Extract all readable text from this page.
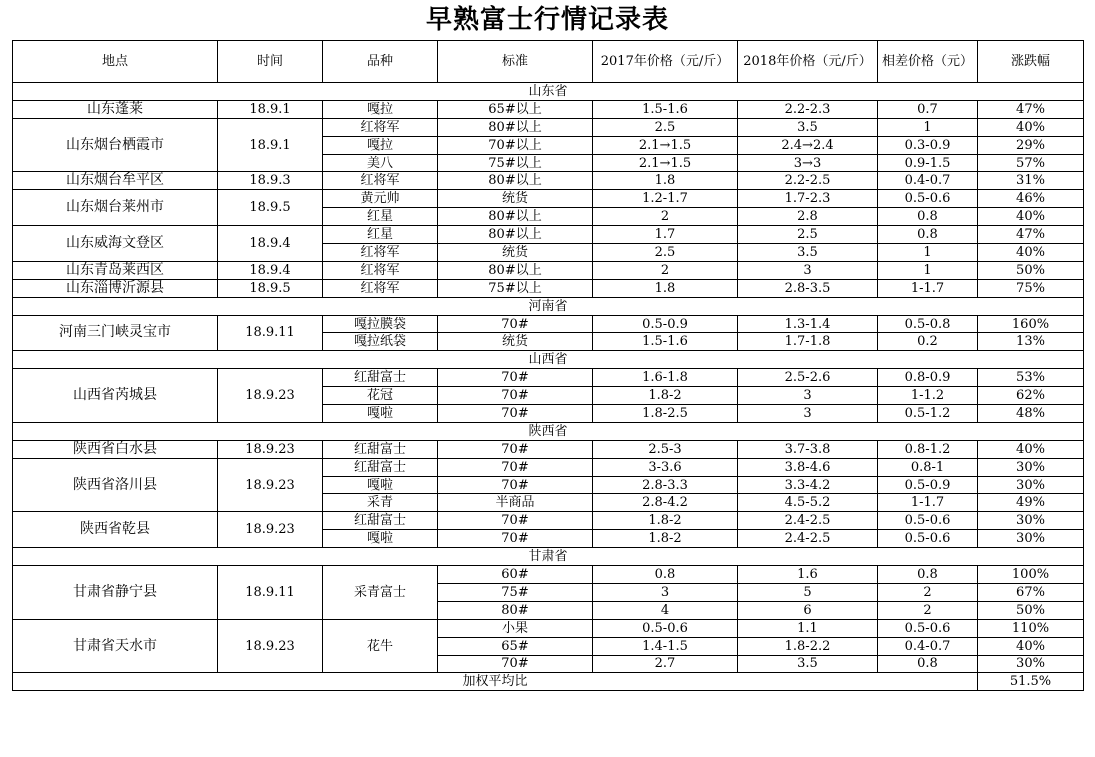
早熟富士行情记录表
地点	时间	品种	标准	2017年价格（元/斤）	2018年价格（元/斤）	相差价格（元）	涨跌幅
山东省							
山东蓬莱	18.9.1	嘎拉	65#以上	1.5-1.6	2.2-2.3	0.7	47%
山东烟台栖霞市	18.9.1	红将军	80#以上	2.5	3.5	1	40%
		嘎拉	70#以上	2.1→1.5	2.4→2.4	0.3-0.9	29%
		美八	75#以上	2.1→1.5	3→3	0.9-1.5	57%
山东烟台牟平区	18.9.3	红将军	80#以上	1.8	2.2-2.5	0.4-0.7	31%
山东烟台莱州市	18.9.5	黄元帅	统货	1.2-1.7	1.7-2.3	0.5-0.6	46%
		红星	80#以上	2	2.8	0.8	40%
山东威海文登区	18.9.4	红星	80#以上	1.7	2.5	0.8	47%
		红将军	统货	2.5	3.5	1	40%
山东青岛莱西区	18.9.4	红将军	80#以上	2	3	1	50%
山东淄博沂源县	18.9.5	红将军	75#以上	1.8	2.8-3.5	1-1.7	75%
河南省							
河南三门峡灵宝市	18.9.11	嘎拉膜袋	70#	0.5-0.9	1.3-1.4	0.5-0.8	160%
		嘎拉纸袋	统货	1.5-1.6	1.7-1.8	0.2	13%
山西省							
山西省芮城县	18.9.23	红甜富士	70#	1.6-1.8	2.5-2.6	0.8-0.9	53%
		花冠	70#	1.8-2	3	1-1.2	62%
		嘎啦	70#	1.8-2.5	3	0.5-1.2	48%
陕西省							
陕西省白水县	18.9.23	红甜富士	70#	2.5-3	3.7-3.8	0.8-1.2	40%
陕西省洛川县	18.9.23	红甜富士	70#	3-3.6	3.8-4.6	0.8-1	30%
		嘎啦	70#	2.8-3.3	3.3-4.2	0.5-0.9	30%
		采青	半商品	2.8-4.2	4.5-5.2	1-1.7	49%
陕西省乾县	18.9.23	红甜富士	70#	1.8-2	2.4-2.5	0.5-0.6	30%
		嘎啦	70#	1.8-2	2.4-2.5	0.5-0.6	30%
甘肃省							
甘肃省静宁县	18.9.11	采青富士	60#	0.8	1.6	0.8	100%
			75#	3	5	2	67%
			80#	4	6	2	50%
甘肃省天水市	18.9.23	花牛	小果	0.5-0.6	1.1	0.5-0.6	110%
			65#	1.4-1.5	1.8-2.2	0.4-0.7	40%
			70#	2.7	3.5	0.8	30%
加权平均比							51.5%
